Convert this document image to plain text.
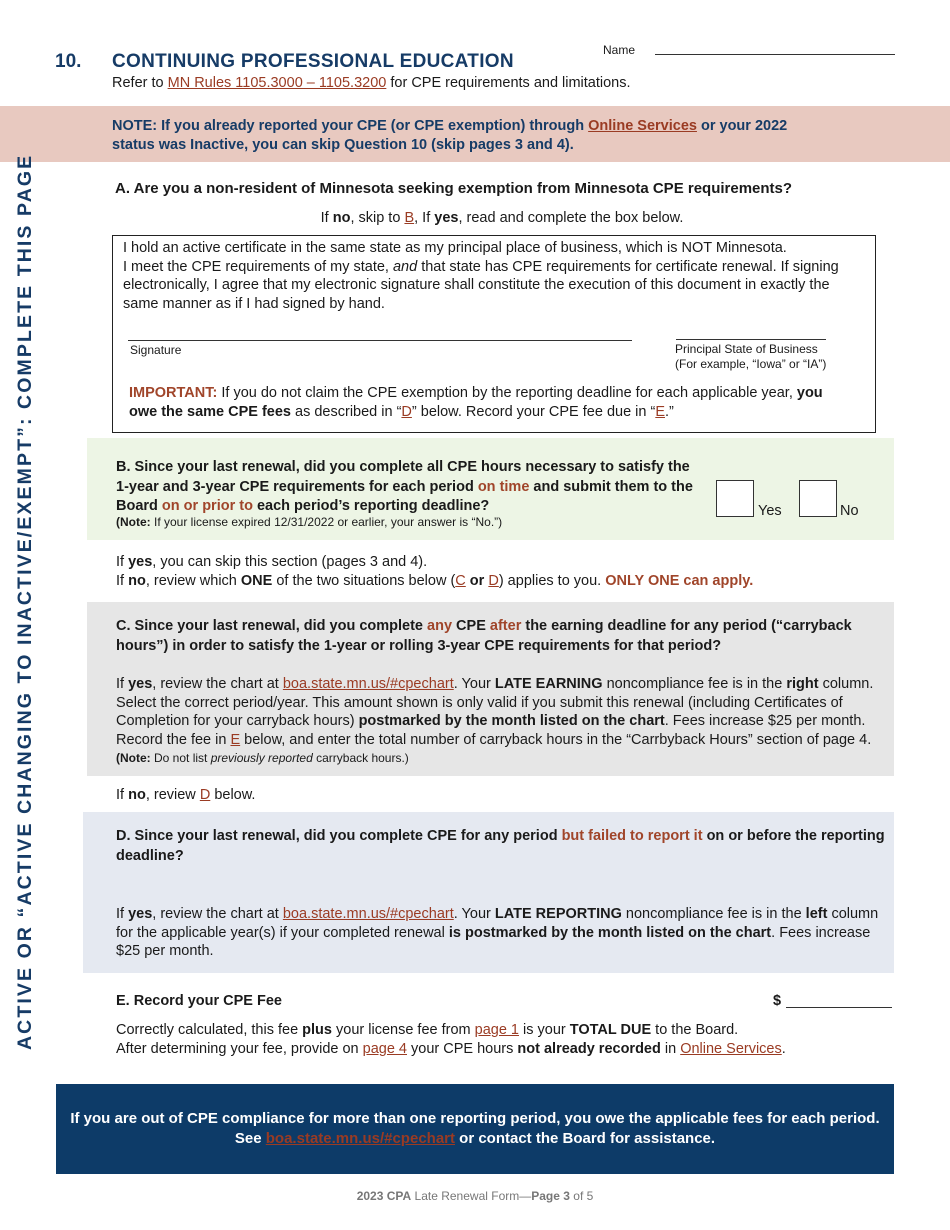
10. CONTINUING PROFESSIONAL EDUCATION
Name
Refer to MN Rules 1105.3000 – 1105.3200 for CPE requirements and limitations.
NOTE: If you already reported your CPE (or CPE exemption) through Online Services or your 2022 status was Inactive, you can skip Question 10 (skip pages 3 and 4).
ACTIVE OR “ACTIVE CHANGING TO INACTIVE/EXEMPT”: COMPLETE THIS PAGE	A. Are you a non-resident of Minnesota seeking exemption from Minnesota CPE requirements?
If no, skip to B, If yes, read and complete the box below.
I hold an active certificate in the same state as my principal place of business, which is NOT Minnesota.
I meet the CPE requirements of my state, and that state has CPE requirements for certificate renewal. If signing electronically, I agree that my electronic signature shall constitute the execution of this document in exactly the same manner as if I had signed by hand.
Signature	Principal State of Business
(For example, “Iowa” or “IA”)
IMPORTANT: If you do not claim the CPE exemption by the reporting deadline for each applicable year, you owe the same CPE fees as described in “D” below. Record your CPE fee due in “E.”
B. Since your last renewal, did you complete all CPE hours necessary to satisfy the 1-year and 3-year CPE requirements for each period on time and submit them to the Board on or prior to each period’s reporting deadline?
(Note: If your license expired 12/31/2022 or earlier, your answer is “No.”)
Yes	No
If yes, you can skip this section (pages 3 and 4).
If no, review which ONE of the two situations below (C or D) applies to you. ONLY ONE can apply.
C. Since your last renewal, did you complete any CPE after the earning deadline for any period (“carryback hours”) in order to satisfy the 1-year or rolling 3-year CPE requirements for that period?
If yes, review the chart at boa.state.mn.us/#cpechart. Your LATE EARNING noncompliance fee is in the right column. Select the correct period/year. This amount shown is only valid if you submit this renewal (including Certificates of Completion for your carryback hours) postmarked by the month listed on the chart. Fees increase $25 per month. Record the fee in E below, and enter the total number of carryback hours in the “Carrbyback Hours” section of page 4. (Note: Do not list previously reported carryback hours.)
If no, review D below.
D. Since your last renewal, did you complete CPE for any period but failed to report it on or before the reporting deadline?
If yes, review the chart at boa.state.mn.us/#cpechart. Your LATE REPORTING noncompliance fee is in the left column for the applicable year(s) if your completed renewal is postmarked by the month listed on the chart. Fees increase $25 per month.
E. Record your CPE Fee	$
Correctly calculated, this fee plus your license fee from page 1 is your TOTAL DUE to the Board.
After determining your fee, provide on page 4 your CPE hours not already recorded in Online Services.
If you are out of CPE compliance for more than one reporting period, you owe the applicable fees for each period. See boa.state.mn.us/#cpechart or contact the Board for assistance.
2023 CPA Late Renewal Form—Page 3 of 5
